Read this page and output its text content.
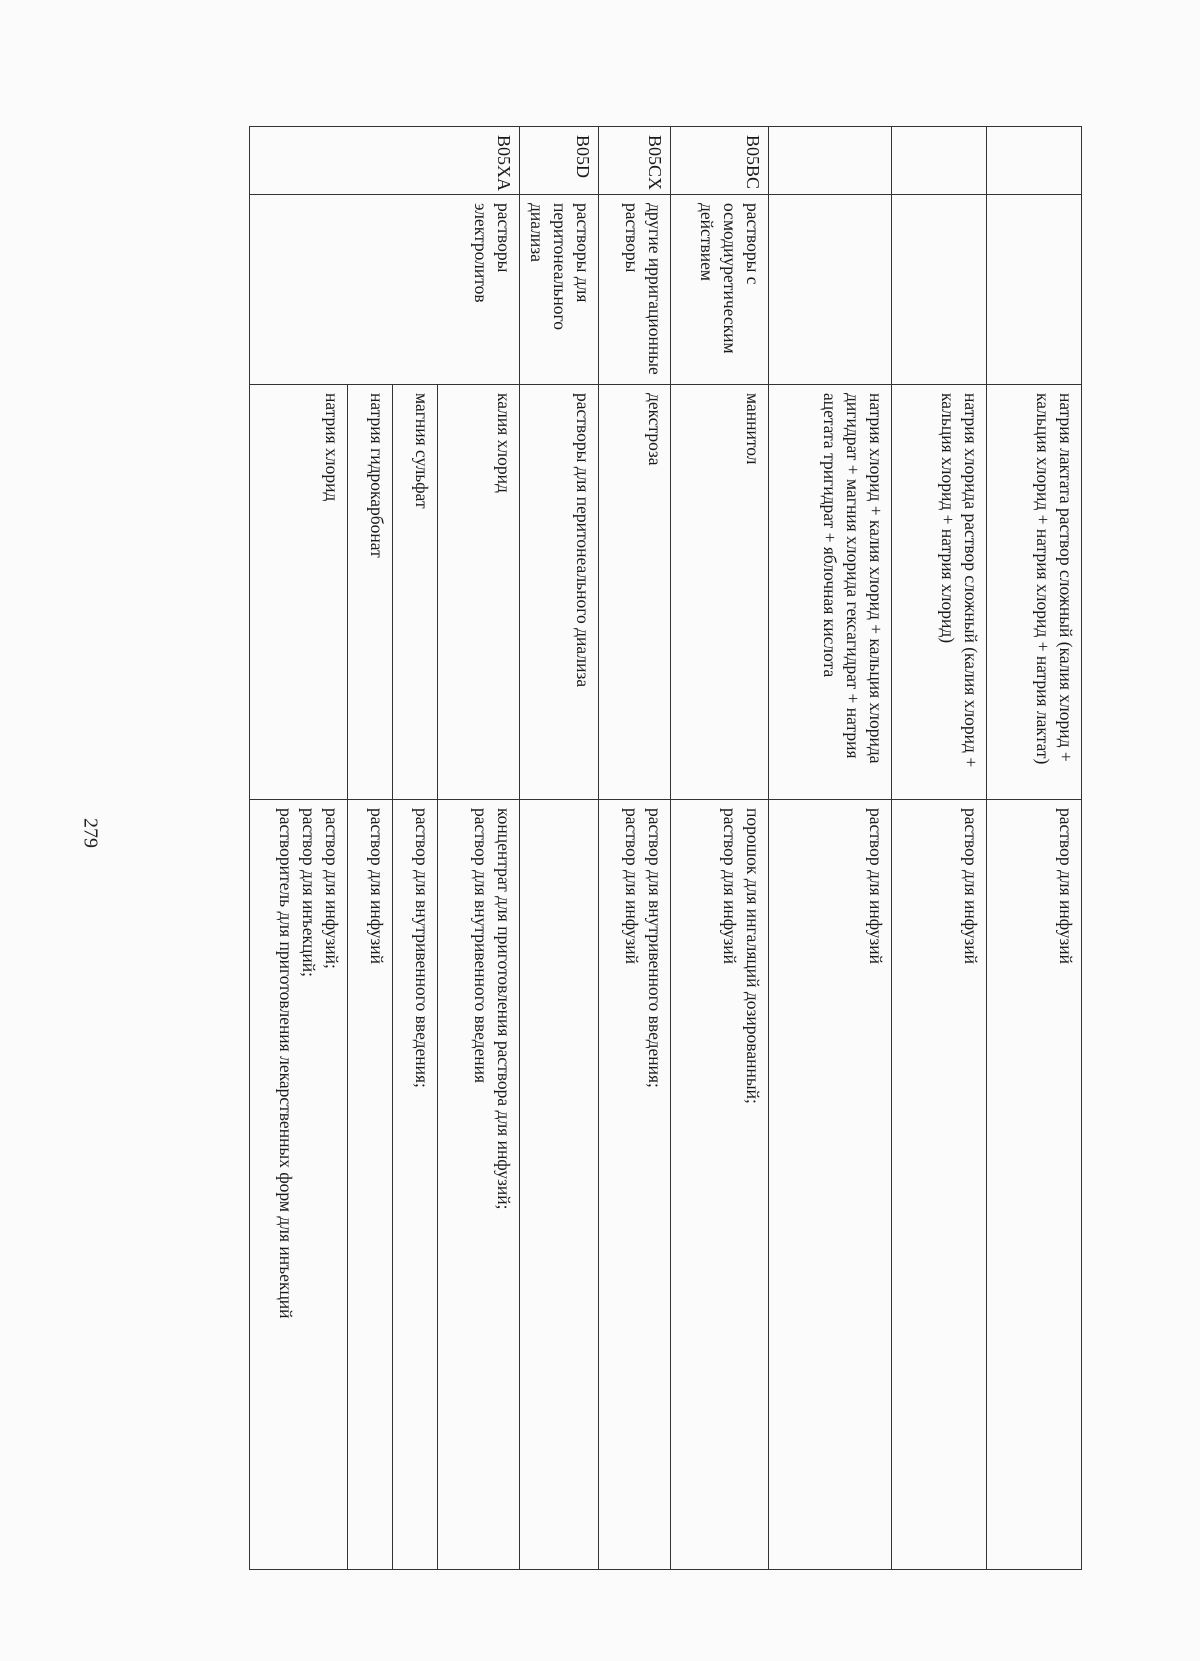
279
		натрия лактата раствор сложный (калия хлорид + кальция хлорид + натрия хлорид + натрия лактат)	раствор для инфузий
		натрия хлорида раствор сложный (калия хлорид + кальция хлорид + натрия хлорид)	раствор для инфузий
		натрия хлорид + калия хлорид + кальция хлорида дигидрат + магния хлорида гексагидрат + натрия ацетата тригидрат + яблочная кислота	раствор для инфузий
B05BC	растворы с осмодиуретическим действием	маннитол	порошок для ингаляций дозированный;
раствор для инфузий
B05CX	другие ирригационные растворы	декстроза	раствор для внутривенного введения;
раствор для инфузий
B05D	растворы для перитонеального диализа	растворы для перитонеального диализа	
B05XA	растворы электролитов	калия хлорид	концентрат для приготовления раствора для инфузий;
раствор для внутривенного введения
		магния сульфат	раствор для внутривенного введения;
		натрия гидрокарбонат	раствор для инфузий
		натрия хлорид	раствор для инфузий;
раствор для инъекций;
растворитель для приготовления лекарственных форм для инъекций
